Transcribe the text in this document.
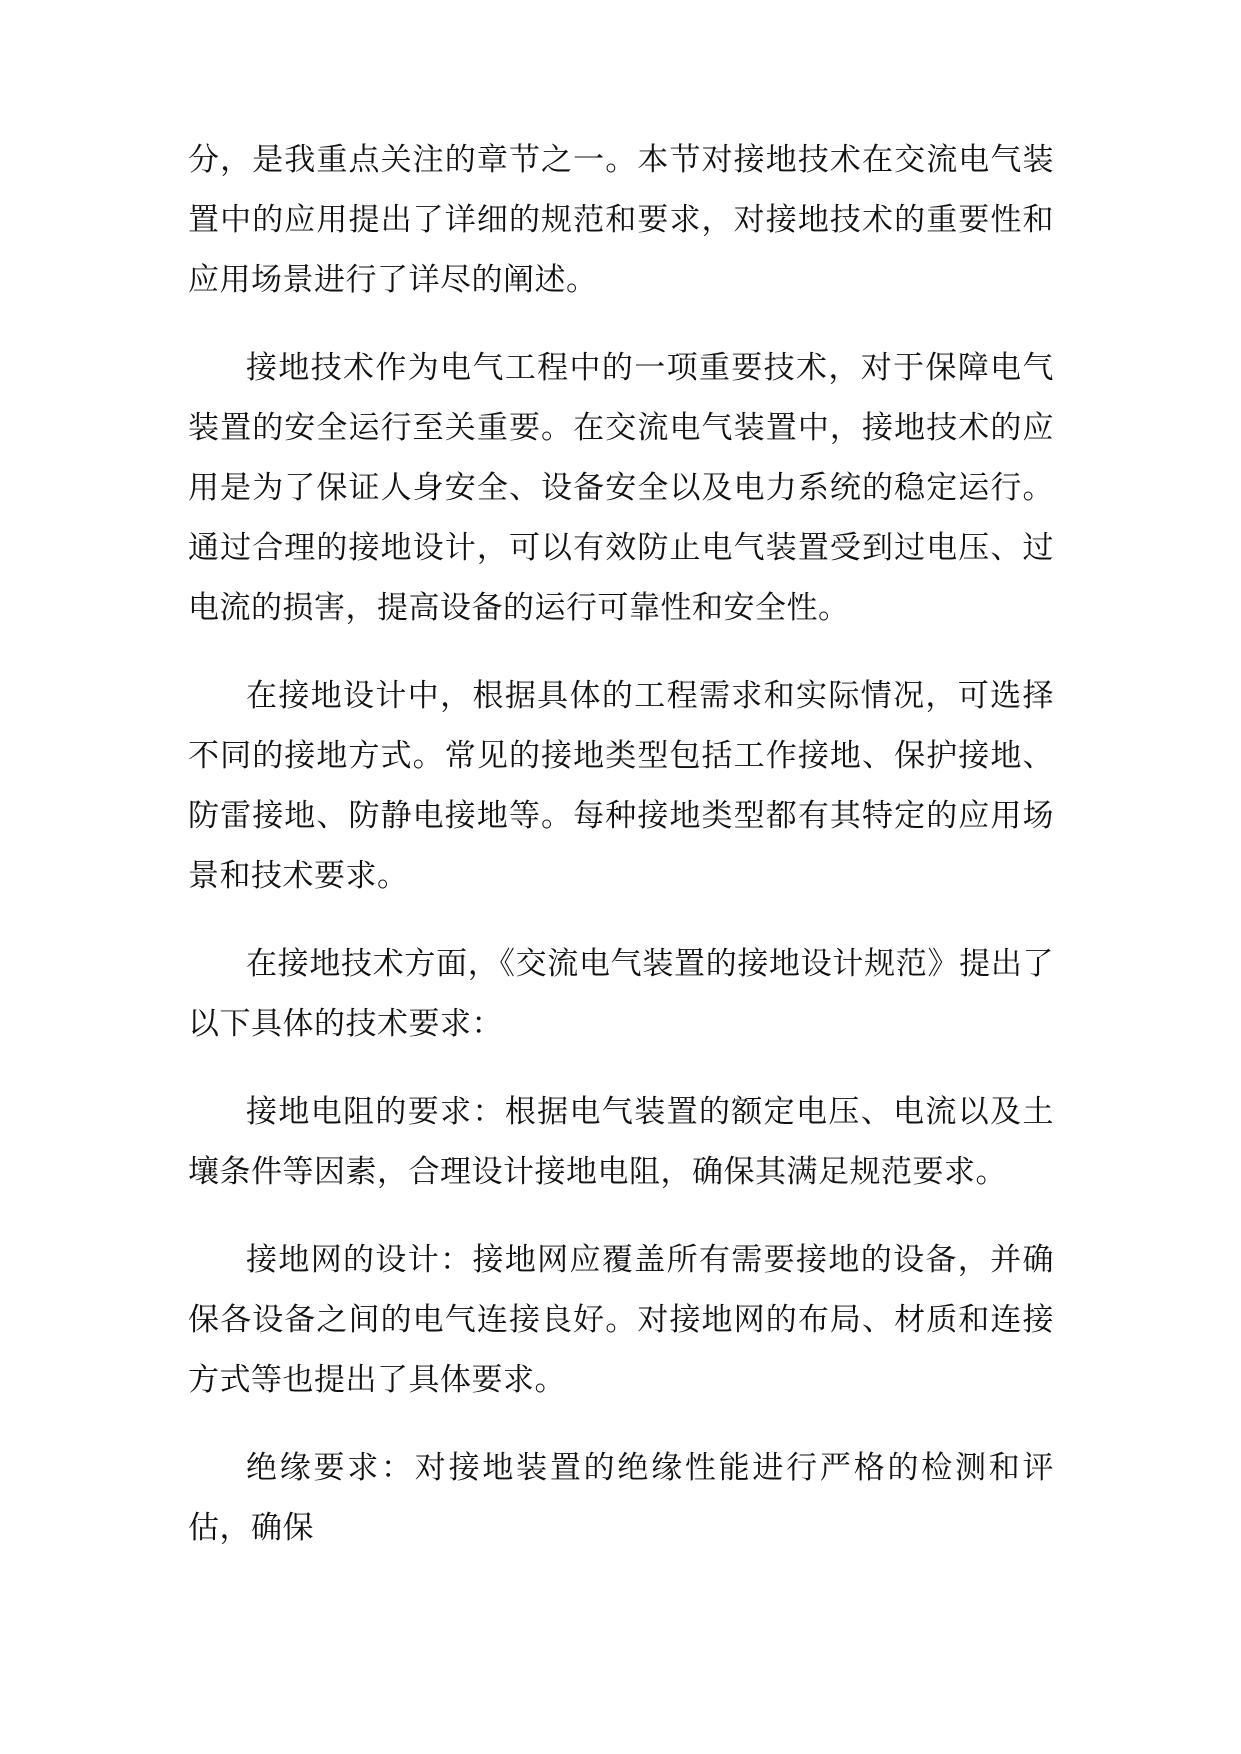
分，是我重点关注的章节之一。本节对接地技术在交流电气装置中的应用提出了详细的规范和要求，对接地技术的重要性和应用场景进行了详尽的阐述。

接地技术作为电气工程中的一项重要技术，对于保障电气装置的安全运行至关重要。在交流电气装置中，接地技术的应用是为了保证人身安全、设备安全以及电力系统的稳定运行。通过合理的接地设计，可以有效防止电气装置受到过电压、过电流的损害，提高设备的运行可靠性和安全性。

在接地设计中，根据具体的工程需求和实际情况，可选择不同的接地方式。常见的接地类型包括工作接地、保护接地、防雷接地、防静电接地等。每种接地类型都有其特定的应用场景和技术要求。

在接地技术方面，《交流电气装置的接地设计规范》提出了以下具体的技术要求：

接地电阻的要求：根据电气装置的额定电压、电流以及土壤条件等因素，合理设计接地电阻，确保其满足规范要求。

接地网的设计：接地网应覆盖所有需要接地的设备，并确保各设备之间的电气连接良好。对接地网的布局、材质和连接方式等也提出了具体要求。

绝缘要求：对接地装置的绝缘性能进行严格的检测和评估，确保
